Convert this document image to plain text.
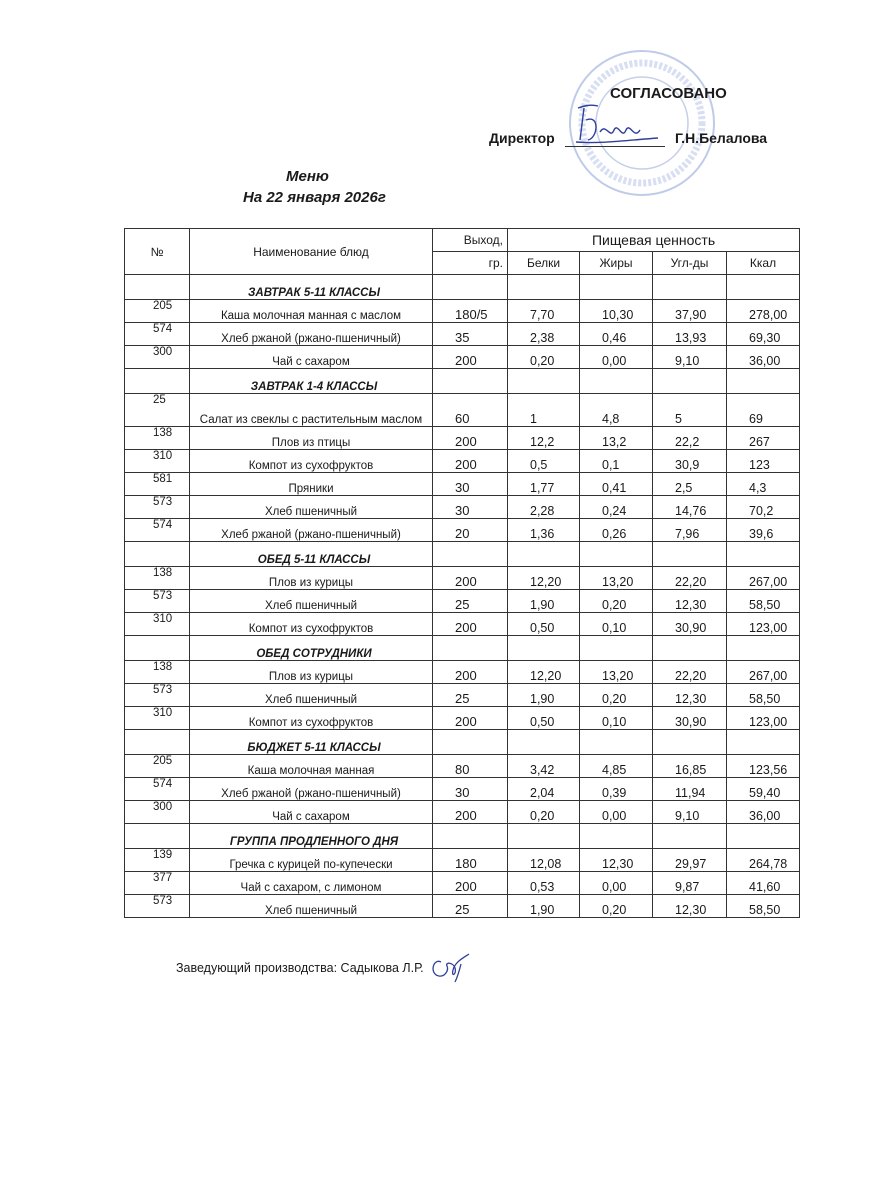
СОГЛАСОВАНО
Директор	Г.Н.Белалова
Меню
На 22 января 2026г
№	Наименование блюд	Выход,	Пищевая ценность			
		гр.	Белки	Жиры	Угл-ды	Ккал
	ЗАВТРАК 5-11 КЛАССЫ					
205	Каша молочная манная с маслом	180/5	7,70	10,30	37,90	278,00
574	Хлеб ржаной (ржано-пшеничный)	35	2,38	0,46	13,93	69,30
300	Чай с сахаром	200	0,20	0,00	9,10	36,00
	ЗАВТРАК 1-4 КЛАССЫ					
25	Салат из свеклы с растительным маслом	60	1	4,8	5	69
138	Плов из птицы	200	12,2	13,2	22,2	267
310	Компот из сухофруктов	200	0,5	0,1	30,9	123
581	Пряники	30	1,77	0,41	2,5	4,3
573	Хлеб пшеничный	30	2,28	0,24	14,76	70,2
574	Хлеб ржаной (ржано-пшеничный)	20	1,36	0,26	7,96	39,6
	ОБЕД 5-11 КЛАССЫ					
138	Плов из курицы	200	12,20	13,20	22,20	267,00
573	Хлеб пшеничный	25	1,90	0,20	12,30	58,50
310	Компот из сухофруктов	200	0,50	0,10	30,90	123,00
	ОБЕД СОТРУДНИКИ					
138	Плов из курицы	200	12,20	13,20	22,20	267,00
573	Хлеб пшеничный	25	1,90	0,20	12,30	58,50
310	Компот из сухофруктов	200	0,50	0,10	30,90	123,00
	БЮДЖЕТ 5-11 КЛАССЫ					
205	Каша молочная манная	80	3,42	4,85	16,85	123,56
574	Хлеб ржаной (ржано-пшеничный)	30	2,04	0,39	11,94	59,40
300	Чай с сахаром	200	0,20	0,00	9,10	36,00
	ГРУППА ПРОДЛЕННОГО ДНЯ					
139	Гречка с курицей по-купечески	180	12,08	12,30	29,97	264,78
377	Чай с сахаром, с лимоном	200	0,53	0,00	9,87	41,60
573	Хлеб пшеничный	25	1,90	0,20	12,30	58,50
Заведующий производства: Садыкова Л.Р.
